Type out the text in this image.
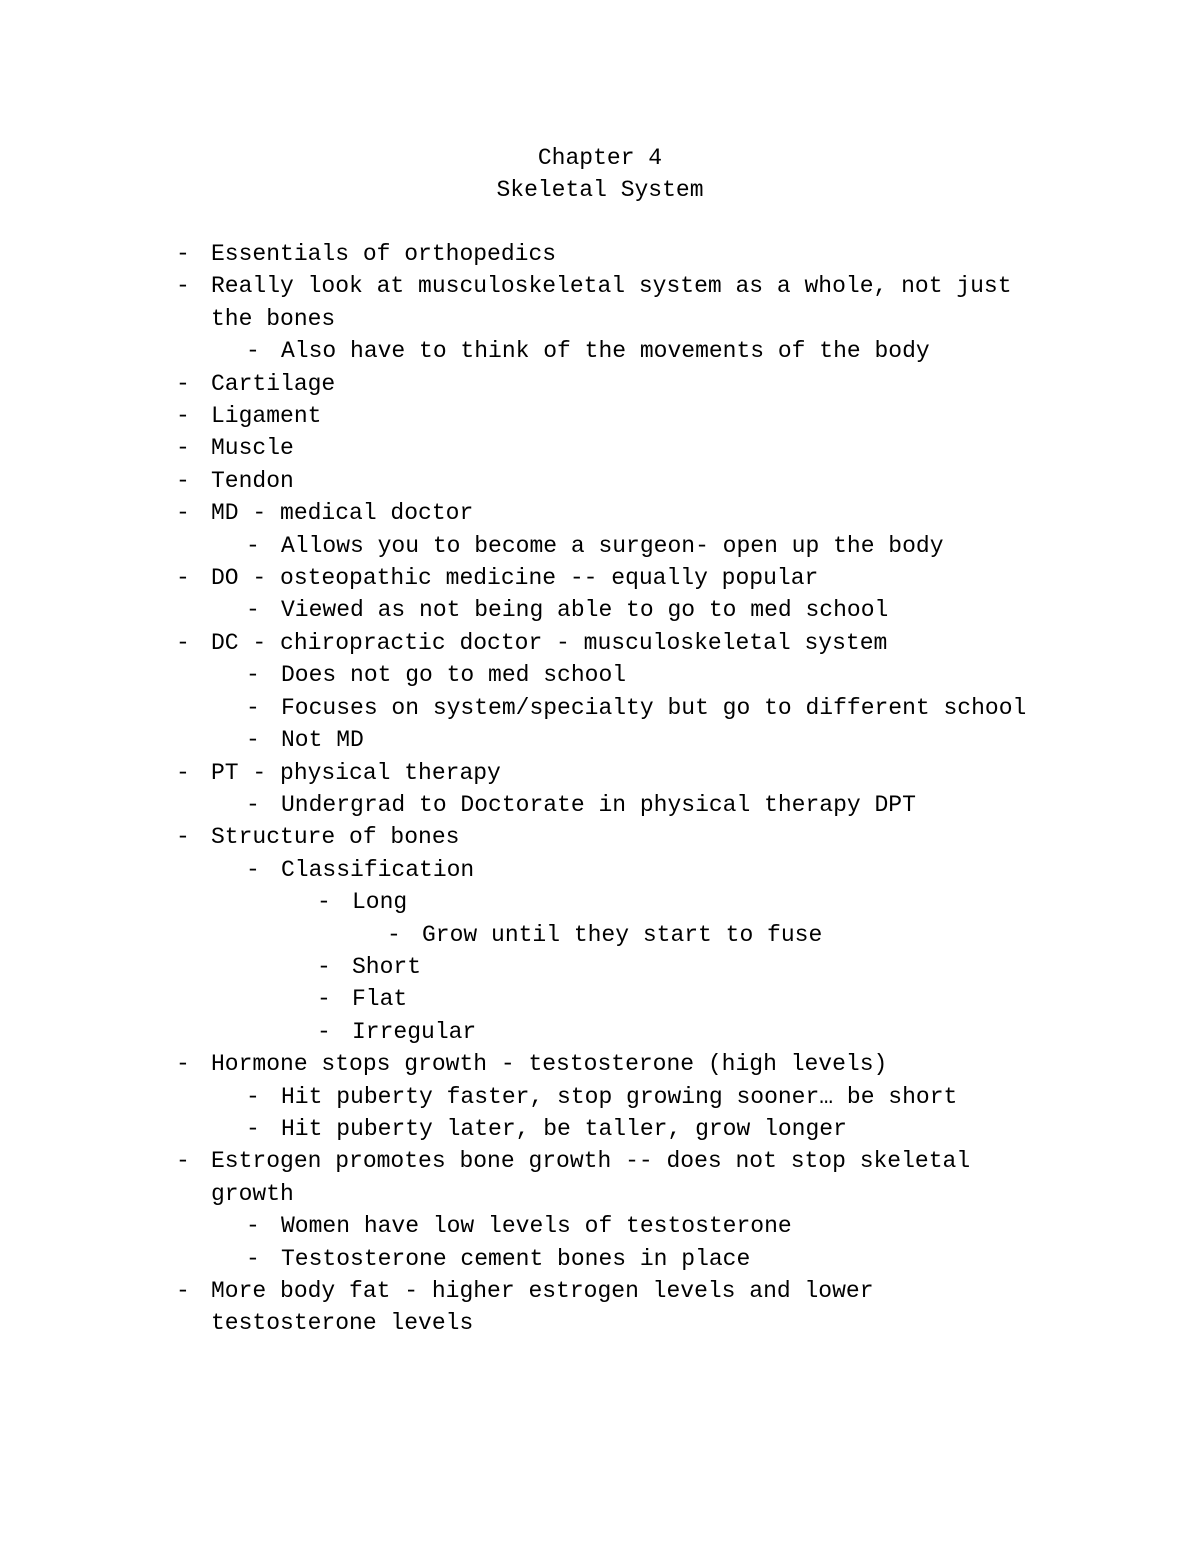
Chapter 4
Skeletal System
- Essentials of orthopedics
- Really look at musculoskeletal system as a whole, not just
the bones
- Also have to think of the movements of the body
- Cartilage
- Ligament
- Muscle
- Tendon
- MD - medical doctor
- Allows you to become a surgeon- open up the body
- DO - osteopathic medicine -- equally popular
- Viewed as not being able to go to med school
- DC - chiropractic doctor - musculoskeletal system
- Does not go to med school
- Focuses on system/specialty but go to different school
- Not MD
- PT - physical therapy
- Undergrad to Doctorate in physical therapy DPT
- Structure of bones
- Classification
- Long
- Grow until they start to fuse
- Short
- Flat
- Irregular
- Hormone stops growth - testosterone (high levels)
- Hit puberty faster, stop growing sooner… be short
- Hit puberty later, be taller, grow longer
- Estrogen promotes bone growth -- does not stop skeletal
growth
- Women have low levels of testosterone
- Testosterone cement bones in place
- More body fat - higher estrogen levels and lower
testosterone levels
